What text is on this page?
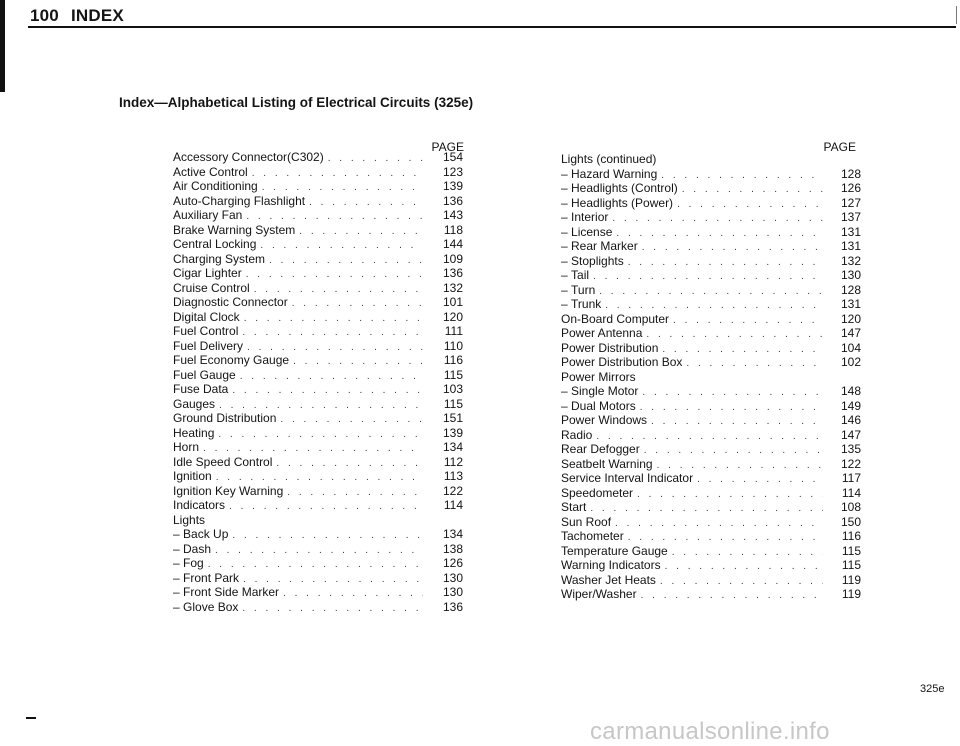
100 INDEX
Index—Alphabetical Listing of Electrical Circuits (325e)
PAGE	PAGE
Accessory Connector(C302) . . .	154
Active Control . . .	123
Air Conditioning . . .	139
Auto-Charging Flashlight . . .	136
Auxiliary Fan . . .	143
Brake Warning System . . .	118
Central Locking . . .	144
Charging System . . .	109
Cigar Lighter . . .	136
Cruise Control . . .	132
Diagnostic Connector . . .	101
Digital Clock . . .	120
Fuel Control . . .	111
Fuel Delivery . . .	110
Fuel Economy Gauge . . .	116
Fuel Gauge . . .	115
Fuse Data . . .	103
Gauges . . .	115
Ground Distribution . . .	151
Heating . . .	139
Horn . . .	134
Idle Speed Control . . .	112
Ignition . . .	113
Ignition Key Warning . . .	122
Indicators . . .	114
Lights
– Back Up . . .	134
– Dash . . .	138
– Fog . . .	126
– Front Park . . .	130
– Front Side Marker . . .	130
– Glove Box . . .	136
Lights (continued)
– Hazard Warning . . .	128
– Headlights (Control) . . .	126
– Headlights (Power) . . .	127
– Interior . . .	137
– License . . .	131
– Rear Marker . . .	131
– Stoplights . . .	132
– Tail . . .	130
– Turn . . .	128
– Trunk . . .	131
On-Board Computer . . .	120
Power Antenna . . .	147
Power Distribution . . .	104
Power Distribution Box . . .	102
Power Mirrors
– Single Motor . . .	148
– Dual Motors . . .	149
Power Windows . . .	146
Radio . . .	147
Rear Defogger . . .	135
Seatbelt Warning . . .	122
Service Interval Indicator . . .	117
Speedometer . . .	114
Start . . .	108
Sun Roof . . .	150
Tachometer . . .	116
Temperature Gauge . . .	115
Warning Indicators . . .	115
Washer Jet Heats . . .	119
Wiper/Washer . . .	119
325e
carmanualsonline.info
